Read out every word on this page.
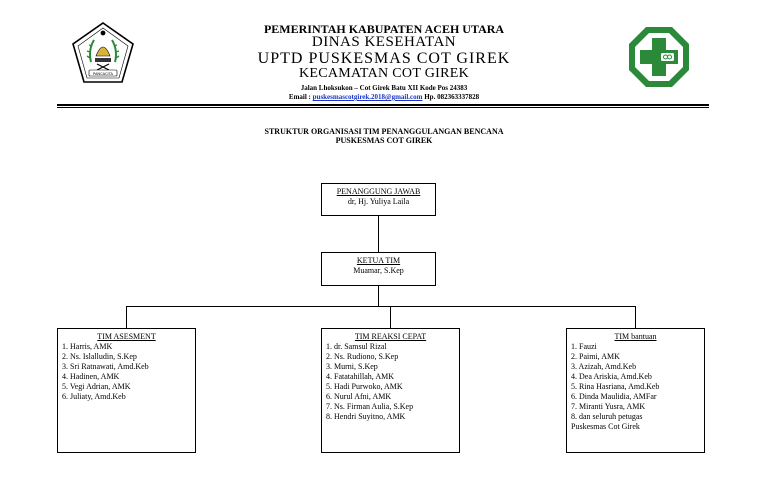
PANCACITA
PEMERINTAH KABUPATEN ACEH UTARA
DINAS KESEHATAN
UPTD PUSKESMAS COT GIREK
KECAMATAN COT GIREK
Jalan Lhoksukon – Cot Girek Batu XII Kode Pos 24383
Email : puskesmascotgirek.2018@gmail.com Hp. 082363337828
STRUKTUR ORGANISASI TIM PENANGGULANGAN BENCANA
PUSKESMAS COT GIREK
PENANGGUNG JAWAB
dr, Hj. Yuliya Laila
KETUA TIM
Muamar, S.Kep
TIM ASESMENT
1. Harris, AMK
2. Ns. Islalludin, S.Kep
3. Sri Ratnawati, Amd.Keb
4. Hadinen, AMK
5. Vegi Adrian, AMK
6. Juliaty, Amd.Keb
TIM REAKSI CEPAT
1. dr. Samsul Rizal
2. Ns. Rudiono, S.Kep
3. Murni, S.Kep
4. Fatatahillah, AMK
5. Hadi Purwoko, AMK
6. Nurul Afni, AMK
7. Ns. Firman Aulia, S.Kep
8. Hendri Suyitno, AMK
TIM bantuan
1. Fauzi
2. Paimi, AMK
3. Azizah, Amd.Keb
4. Dea Ariskia, Amd.Keb
5. Rina Hasriana, Amd.Keb
6. Dinda Maulidia, AMFar
7. Miranti Yusra, AMK
8. dan seluruh petugas
Puskesmas Cot Girek
